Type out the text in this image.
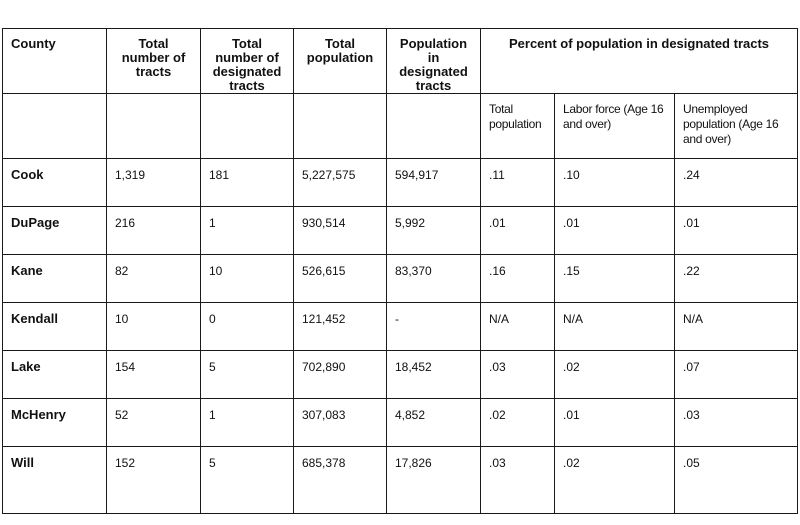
County	Total number of tracts	Total number of designated tracts	Total population	Population in designated tracts	Percent of population in designated tracts		
					Total population	Labor force (Age 16 and over)	Unemployed population (Age 16 and over)
Cook	1,319	181	5,227,575	594,917	.11	.10	.24
DuPage	216	1	930,514	5,992	.01	.01	.01
Kane	82	10	526,615	83,370	.16	.15	.22
Kendall	10	0	121,452	-	N/A	N/A	N/A
Lake	154	5	702,890	18,452	.03	.02	.07
McHenry	52	1	307,083	4,852	.02	.01	.03
Will	152	5	685,378	17,826	.03	.02	.05
